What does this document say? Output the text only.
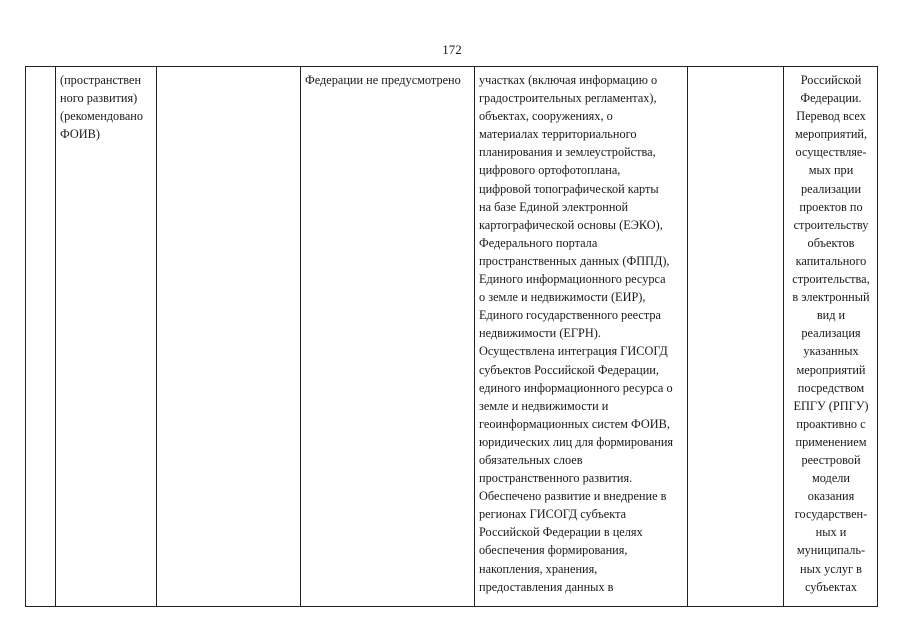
172

(пространствен
ного развития)
(рекомендовано
ФОИВ)

Федерации не предусмотрено	участках (включая информацию о
градостроительных регламентах),
объектах, сооружениях, о
материалах территориального
планирования и землеустройства,
цифрового ортофотоплана,
цифровой топографической карты
на базе Единой электронной
картографической основы (ЕЭКО),
Федерального портала
пространственных данных (ФППД),
Единого информационного ресурса
о земле и недвижимости (ЕИР),
Единого государственного реестра
недвижимости (ЕГРН).
Осуществлена интеграция ГИСОГД
субъектов Российской Федерации,
единого информационного ресурса о
земле и недвижимости и
геоинформационных систем ФОИВ,
юридических лиц для формирования
обязательных слоев
пространственного развития.
Обеспечено развитие и внедрение в
регионах ГИСОГД субъекта
Российской Федерации в целях
обеспечения формирования,
накопления, хранения,
предоставления данных в

Российской
Федерации.
Перевод всех
мероприятий,
осуществляе-
мых при
реализации
проектов по
строительству
объектов
капитального
строительства,
в электронный
вид и
реализация
указанных
мероприятий
посредством
ЕПГУ (РПГУ)
проактивно с
применением
реестровой
модели
оказания
государствен-
ных и
муниципаль-
ных услуг в
субъектах
